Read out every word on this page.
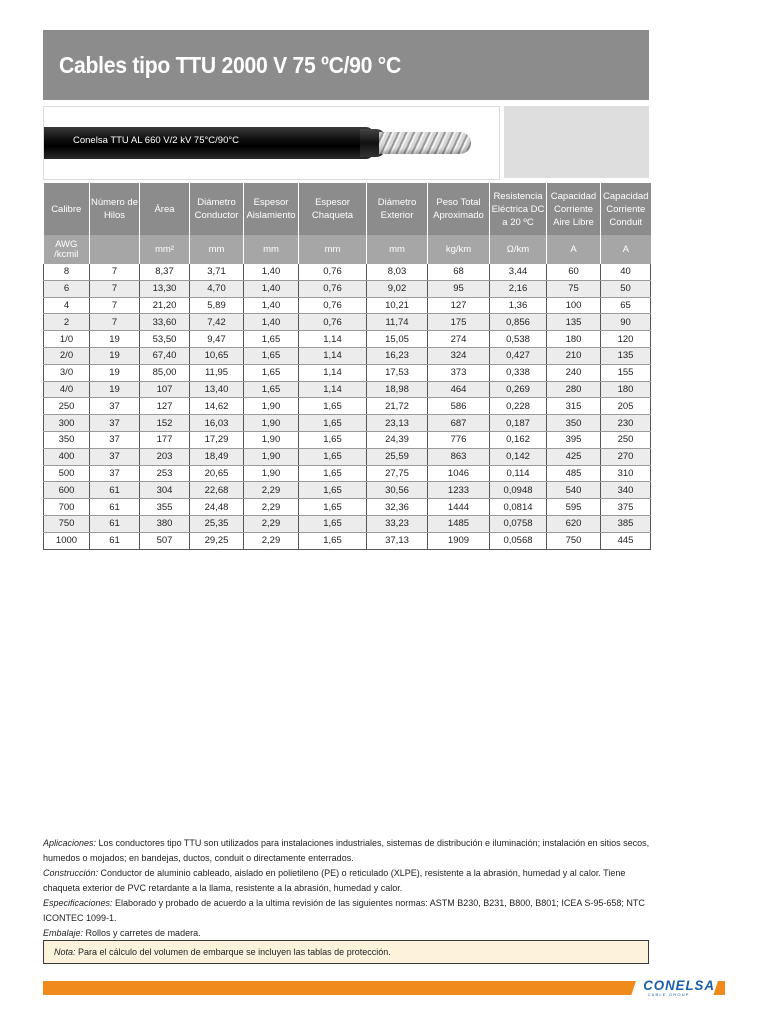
Cables tipo TTU 2000 V 75 ºC/90 °C
Conelsa TTU AL 660 V/2 kV 75°C/90°C
Calibre	Número de Hilos	Área	Diámetro Conductor	Espesor Aislamiento	Espesor Chaqueta	Diámetro Exterior	Peso Total Aproximado	Resistencia Eléctrica DC a 20 ºC	Capacidad Corriente Aire Libre	Capacidad Corriente Conduit
AWG /kcmil		mm²	mm	mm	mm	mm	kg/km	Ω/km	A	A
8	7	8,37	3,71	1,40	0,76	8,03	68	3,44	60	40
6	7	13,30	4,70	1,40	0,76	9,02	95	2,16	75	50
4	7	21,20	5,89	1,40	0,76	10,21	127	1,36	100	65
2	7	33,60	7,42	1,40	0,76	11,74	175	0,856	135	90
1/0	19	53,50	9,47	1,65	1,14	15,05	274	0,538	180	120
2/0	19	67,40	10,65	1,65	1,14	16,23	324	0,427	210	135
3/0	19	85,00	11,95	1,65	1,14	17,53	373	0,338	240	155
4/0	19	107	13,40	1,65	1,14	18,98	464	0,269	280	180
250	37	127	14,62	1,90	1,65	21,72	586	0,228	315	205
300	37	152	16,03	1,90	1,65	23,13	687	0,187	350	230
350	37	177	17,29	1,90	1,65	24,39	776	0,162	395	250
400	37	203	18,49	1,90	1,65	25,59	863	0,142	425	270
500	37	253	20,65	1,90	1,65	27,75	1046	0,114	485	310
600	61	304	22,68	2,29	1,65	30,56	1233	0,0948	540	340
700	61	355	24,48	2,29	1,65	32,36	1444	0,0814	595	375
750	61	380	25,35	2,29	1,65	33,23	1485	0,0758	620	385
1000	61	507	29,25	2,29	1,65	37,13	1909	0,0568	750	445
Aplicaciones: Los conductores tipo TTU son utilizados para instalaciones industriales, sistemas de distribución e iluminación; instalación en sitios secos, humedos o mojados; en bandejas, ductos, conduit o directamente enterrados.
Construcción: Conductor de aluminio cableado, aislado en polietileno (PE) o reticulado (XLPE), resistente a la abrasión, humedad y al calor. Tiene chaqueta exterior de PVC retardante a la llama, resistente a la abrasión, humedad y calor.
Especificaciones: Elaborado y probado de acuerdo a la ultima revisión de las siguientes normas: ASTM B230, B231, B800, B801; ICEA S-95-658; NTC ICONTEC 1099-1.
Embalaje: Rollos y carretes de madera.
Nota: Para el cálculo del volumen de embarque se incluyen las tablas de protección.
CONELSA
CABLE GROUP
